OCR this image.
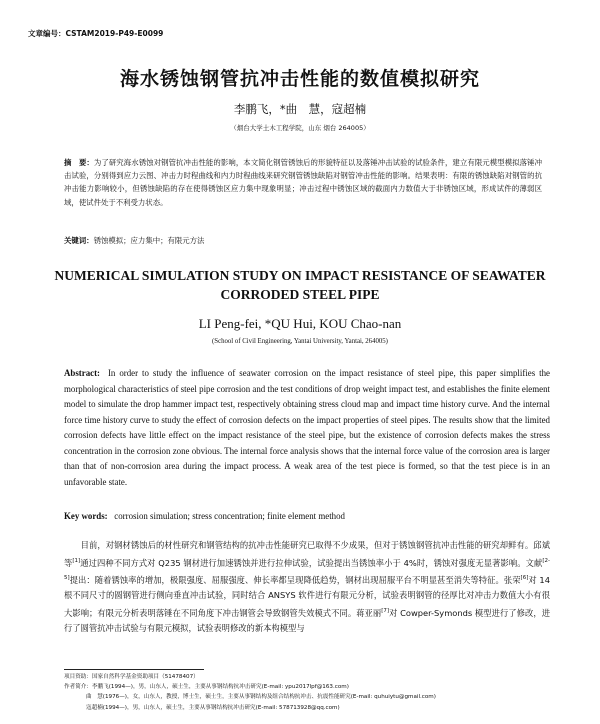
文章编号：CSTAM2019-P49-E0099
海水锈蚀钢管抗冲击性能的数值模拟研究
李鹏飞，*曲　慧，寇超楠
（烟台大学土木工程学院，山东 烟台 264005）
摘　要：为了研究海水锈蚀对钢管抗冲击性能的影响，本文简化钢管锈蚀后的形貌特征以及落锤冲击试验的试验条件，建立有限元模型模拟落锤冲击试验，分别得到应力云图、冲击力时程曲线和内力时程曲线来研究钢管锈蚀缺陷对钢管冲击性能的影响。结果表明：有限的锈蚀缺陷对钢管的抗冲击能力影响较小，但锈蚀缺陷的存在使得锈蚀区应力集中现象明显；冲击过程中锈蚀区域的截面内力数值大于非锈蚀区域，形成试件的薄弱区域，使试件处于不利受力状态。
关键词：锈蚀模拟；应力集中；有限元方法
NUMERICAL SIMULATION STUDY ON IMPACT RESISTANCE OF SEAWATER CORRODED STEEL PIPE
LI Peng-fei, *QU Hui, KOU Chao-nan
(School of Civil Engineering, Yantai University, Yantai, 264005)
Abstract: In order to study the influence of seawater corrosion on the impact resistance of steel pipe, this paper simplifies the morphological characteristics of steel pipe corrosion and the test conditions of drop weight impact test, and establishes the finite element model to simulate the drop hammer impact test, respectively obtaining stress cloud map and impact time history curve. And the internal force time history curve to study the effect of corrosion defects on the impact properties of steel pipes. The results show that the limited corrosion defects have little effect on the impact resistance of the steel pipe, but the existence of corrosion defects makes the stress concentration in the corrosion zone obvious. The internal force analysis shows that the internal force value of the corrosion area is larger than that of non-corrosion area during the impact process. A weak area of the test piece is formed, so that the test piece is in an unfavorable state.
Key words: corrosion simulation; stress concentration; finite element method

目前，对钢材锈蚀后的材性研究和钢管结构的抗冲击性能研究已取得不少成果，但对于锈蚀钢管抗冲击性能的研究却鲜有。邱斌等[1]通过四种不同方式对 Q235 钢材进行加速锈蚀并进行拉伸试验，试验提出当锈蚀率小于 4%时，锈蚀对强度无显著影响。文献[2-5]提出：随着锈蚀率的增加，极限强度、屈服强度、伸长率都呈现降低趋势，钢材出现屈服平台不明显甚至消失等特征。张荣[6]对 14 根不同尺寸的圆钢管进行侧向垂直冲击试验，同时结合 ANSYS 软件进行有限元分析，试验表明钢管的径厚比对冲击力数值大小有很大影响；有限元分析表明落锤在不同角度下冲击钢管会导致钢管失效模式不同。蒋亚丽[7]对 Cowper-Symonds 模型进行了修改，进行了圆管抗冲击试验与有限元模拟，试验表明修改的新本构模型与

项目资助：国家自然科学基金资助项目（51478407）
作者简介：李鹏飞(1994—)，男，山东人，硕士生，主要从事钢结构抗冲击研究(E-mail: ypu2017lpf@163.com)
曲　慧(1976—)，女，山东人，教授，博士生，硕士生，主要从事钢结构及组合结构抗冲击、抗震性能研究(E-mail: quhuiytu@gmail.com)
寇超楠(1994—)，男，山东人，硕士生，主要从事钢结构抗冲击研究(E-mail: 578713928@qq.com)
